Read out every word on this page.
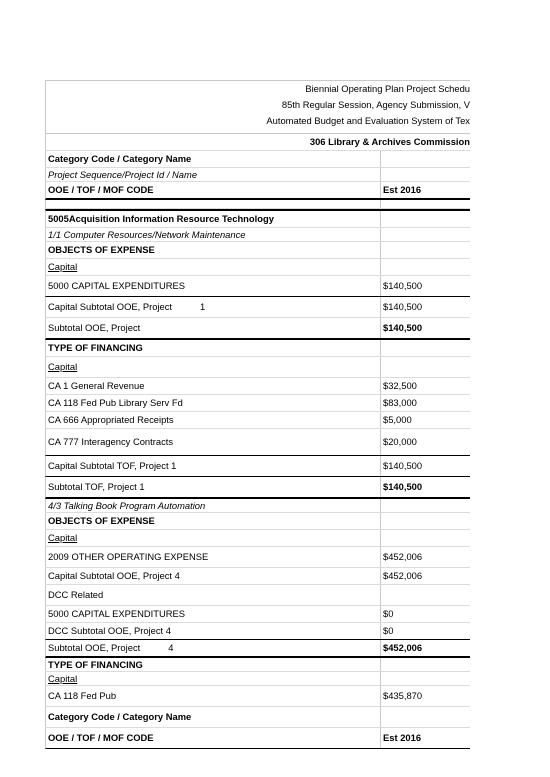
Biennial Operating Plan Project Schedu
85th Regular Session, Agency Submission, V
Automated Budget and Evaluation System of Tex
306 Library & Archives Commission
Category Code / Category Name
Project Sequence/Project Id / Name
OOE / TOF / MOF CODE	Est 2016
5005Acquisition Information Resource Technology
1/1 Computer Resources/Network Maintenance
OBJECTS OF EXPENSE
Capital
5000 CAPITAL EXPENDITURES	$140,500
Capital Subtotal OOE, Project	1	$140,500
Subtotal OOE, Project	$140,500
TYPE OF FINANCING
Capital
CA 1 General Revenue	$32,500
CA 118 Fed Pub Library Serv Fd	$83,000
CA 666 Appropriated Receipts	$5,000
CA 777 Interagency Contracts	$20,000
Capital Subtotal TOF, Project 1	$140,500
Subtotal TOF, Project 1	$140,500
4/3 Talking Book Program Automation
OBJECTS OF EXPENSE
Capital
2009 OTHER OPERATING EXPENSE	$452,006
Capital Subtotal OOE, Project 4	$452,006
DCC Related
5000 CAPITAL EXPENDITURES	$0
DCC Subtotal OOE, Project 4	$0
Subtotal OOE, Project	4	$452,006
TYPE OF FINANCING
Capital
CA 118 Fed Pub	$435,870
Category Code / Category Name
OOE / TOF / MOF CODE	Est 2016
